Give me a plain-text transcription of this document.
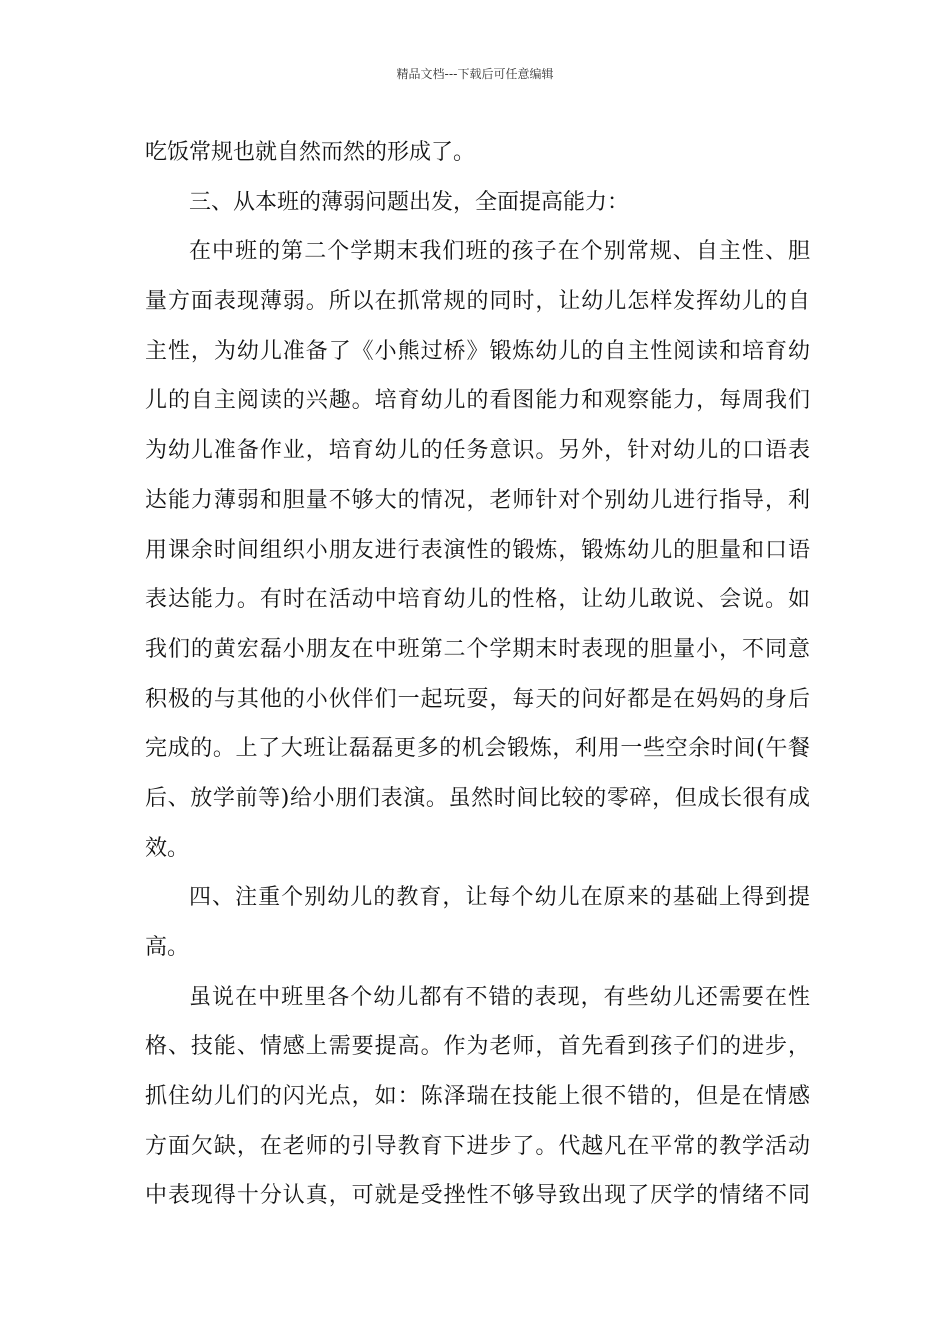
精品文档---下载后可任意编辑
吃饭常规也就自然而然的形成了。
三、从本班的薄弱问题出发，全面提高能力：
在中班的第二个学期末我们班的孩子在个别常规、自主性、胆
量方面表现薄弱。所以在抓常规的同时，让幼儿怎样发挥幼儿的自
主性，为幼儿准备了《小熊过桥》锻炼幼儿的自主性阅读和培育幼
儿的自主阅读的兴趣。培育幼儿的看图能力和观察能力，每周我们
为幼儿准备作业，培育幼儿的任务意识。另外，针对幼儿的口语表
达能力薄弱和胆量不够大的情况，老师针对个别幼儿进行指导，利
用课余时间组织小朋友进行表演性的锻炼，锻炼幼儿的胆量和口语
表达能力。有时在活动中培育幼儿的性格，让幼儿敢说、会说。如
我们的黄宏磊小朋友在中班第二个学期末时表现的胆量小，不同意
积极的与其他的小伙伴们一起玩耍，每天的问好都是在妈妈的身后
完成的。上了大班让磊磊更多的机会锻炼，利用一些空余时间(午餐
后、放学前等)给小朋们表演。虽然时间比较的零碎，但成长很有成
效。
四、注重个别幼儿的教育，让每个幼儿在原来的基础上得到提
高。
虽说在中班里各个幼儿都有不错的表现，有些幼儿还需要在性
格、技能、情感上需要提高。作为老师，首先看到孩子们的进步，
抓住幼儿们的闪光点，如：陈泽瑞在技能上很不错的，但是在情感
方面欠缺，在老师的引导教育下进步了。代越凡在平常的教学活动
中表现得十分认真，可就是受挫性不够导致出现了厌学的情绪不同
